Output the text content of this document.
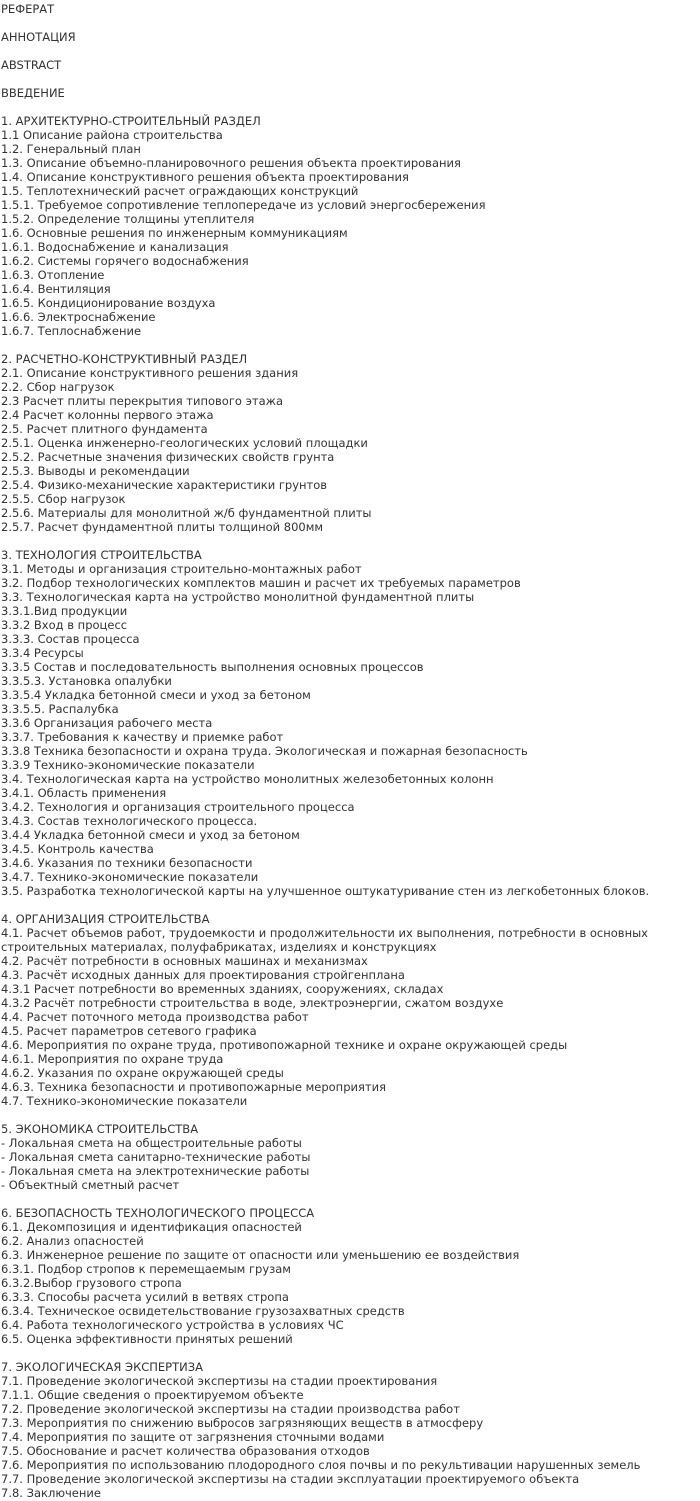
РЕФЕРАТ
АННОТАЦИЯ
ABSTRACT
ВВЕДЕНИЕ
1. АРХИТЕКТУРНО-СТРОИТЕЛЬНЫЙ РАЗДЕЛ
1.1 Описание района строительства
1.2. Генеральный план
1.3. Описание объемно-планировочного решения объекта проектирования
1.4. Описание конструктивного решения объекта проектирования
1.5. Теплотехнический расчет ограждающих конструкций
1.5.1. Требуемое сопротивление теплопередаче из условий энергосбережения
1.5.2. Определение толщины утеплителя
1.6. Основные решения по инженерным коммуникациям
1.6.1. Водоснабжение и канализация
1.6.2. Системы горячего водоснабжения
1.6.3. Отопление
1.6.4. Вентиляция
1.6.5. Кондиционирование воздуха
1.6.6. Электроснабжение
1.6.7. Теплоснабжение
2. РАСЧЕТНО-КОНСТРУКТИВНЫЙ РАЗДЕЛ
2.1. Описание конструктивного решения здания
2.2. Сбор нагрузок
2.3 Расчет плиты перекрытия типового этажа
2.4 Расчет колонны первого этажа
2.5. Расчет плитного фундамента
2.5.1. Оценка инженерно-геологических условий площадки
2.5.2. Расчетные значения физических свойств грунта
2.5.3. Выводы и рекомендации
2.5.4. Физико-механические характеристики грунтов
2.5.5. Сбор нагрузок
2.5.6. Материалы для монолитной ж/б фундаментной плиты
2.5.7. Расчет фундаментной плиты толщиной 800мм
3. ТЕХНОЛОГИЯ СТРОИТЕЛЬСТВА
3.1. Методы и организация строительно-монтажных работ
3.2. Подбор технологических комплектов машин и расчет их требуемых параметров
3.3. Технологическая карта на устройство монолитной фундаментной плиты
3.3.1.Вид продукции
3.3.2 Вход в процесс
3.3.3. Состав процесса
3.3.4 Ресурсы
3.3.5 Состав и последовательность выполнения основных процессов
3.3.5.3. Установка опалубки
3.3.5.4 Укладка бетонной смеси и уход за бетоном
3.3.5.5. Распалубка
3.3.6 Организация рабочего места
3.3.7. Требования к качеству и приемке работ
3.3.8 Техника безопасности и охрана труда. Экологическая и пожарная безопасность
3.3.9 Технико-экономические показатели
3.4. Технологическая карта на устройство монолитных железобетонных колонн
3.4.1. Область применения
3.4.2. Технология и организация строительного процесса
3.4.3. Состав технологического процесса.
3.4.4 Укладка бетонной смеси и уход за бетоном
3.4.5. Контроль качества
3.4.6. Указания по техники безопасности
3.4.7. Технико-экономические показатели
3.5. Разработка технологической карты на улучшенное оштукатуривание стен из легкобетонных блоков.
4. ОРГАНИЗАЦИЯ СТРОИТЕЛЬСТВА
4.1. Расчет объемов работ, трудоемкости и продолжительности их выполнения, потребности в основных строительных материалах, полуфабрикатах, изделиях и конструкциях
4.2. Расчёт потребности в основных машинах и механизмах
4.3. Расчёт исходных данных для проектирования стройгенплана
4.3.1 Расчет потребности во временных зданиях, сооружениях, складах
4.3.2 Расчёт потребности строительства в воде, электроэнергии, сжатом воздухе
4.4. Расчет поточного метода производства работ
4.5. Расчет параметров сетевого графика
4.6. Мероприятия по охране труда, противопожарной технике и охране окружающей среды
4.6.1. Мероприятия по охране труда
4.6.2. Указания по охране окружающей среды
4.6.3. Техника безопасности и противопожарные мероприятия
4.7. Технико-экономические показатели
5. ЭКОНОМИКА СТРОИТЕЛЬСТВА
- Локальная смета на общестроительные работы
- Локальная смета санитарно-технические работы
- Локальная смета на электротехнические работы
- Объектный сметный расчет
6. БЕЗОПАСНОСТЬ ТЕХНОЛОГИЧЕСКОГО ПРОЦЕССА
6.1. Декомпозиция и идентификация опасностей
6.2. Анализ опасностей
6.3. Инженерное решение по защите от опасности или уменьшению ее воздействия
6.3.1. Подбор стропов к перемещаемым грузам
6.3.2.Выбор грузового стропа
6.3.3. Способы расчета усилий в ветвях стропа
6.3.4. Техническое освидетельствование грузозахватных средств
6.4. Работа технологического устройства в условиях ЧС
6.5. Оценка эффективности принятых решений
7. ЭКОЛОГИЧЕСКАЯ ЭКСПЕРТИЗА
7.1. Проведение экологической экспертизы на стадии проектирования
7.1.1. Общие сведения о проектируемом объекте
7.2. Проведение экологической экспертизы на стадии производства работ
7.3. Мероприятия по снижению выбросов загрязняющих веществ в атмосферу
7.4. Мероприятия по защите от загрязнения сточными водами
7.5. Обоснование и расчет количества образования отходов
7.6. Мероприятия по использованию плодородного слоя почвы и по рекультивации нарушенных земель
7.7. Проведение экологической экспертизы на стадии эксплуатации проектируемого объекта
7.8. Заключение
